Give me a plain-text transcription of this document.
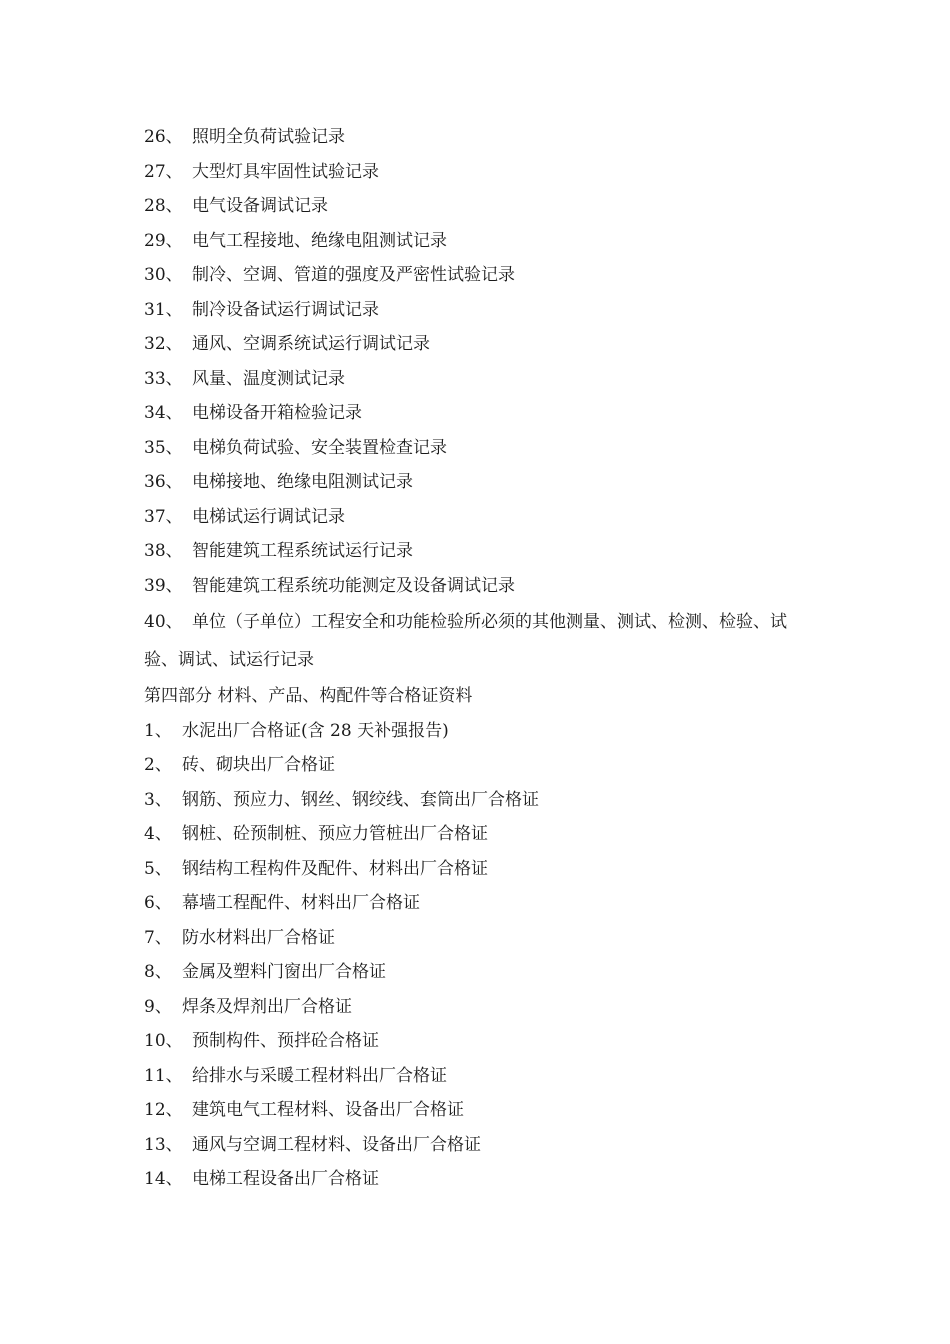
26、 照明全负荷试验记录
27、 大型灯具牢固性试验记录
28、 电气设备调试记录
29、 电气工程接地、绝缘电阻测试记录
30、 制冷、空调、管道的强度及严密性试验记录
31、 制冷设备试运行调试记录
32、 通风、空调系统试运行调试记录
33、 风量、温度测试记录
34、 电梯设备开箱检验记录
35、 电梯负荷试验、安全装置检查记录
36、 电梯接地、绝缘电阻测试记录
37、 电梯试运行调试记录
38、 智能建筑工程系统试运行记录
39、 智能建筑工程系统功能测定及设备调试记录

40、 单位（子单位）工程安全和功能检验所必须的其他测量、测试、检测、检验、试验、调试、试运行记录

第四部分 材料、产品、构配件等合格证资料
1、 水泥出厂合格证(含 28 天补强报告)
2、 砖、砌块出厂合格证
3、 钢筋、预应力、钢丝、钢绞线、套筒出厂合格证
4、 钢桩、砼预制桩、预应力管桩出厂合格证
5、 钢结构工程构件及配件、材料出厂合格证
6、 幕墙工程配件、材料出厂合格证
7、 防水材料出厂合格证
8、 金属及塑料门窗出厂合格证
9、 焊条及焊剂出厂合格证
10、 预制构件、预拌砼合格证
11、 给排水与采暖工程材料出厂合格证
12、 建筑电气工程材料、设备出厂合格证
13、 通风与空调工程材料、设备出厂合格证
14、 电梯工程设备出厂合格证
